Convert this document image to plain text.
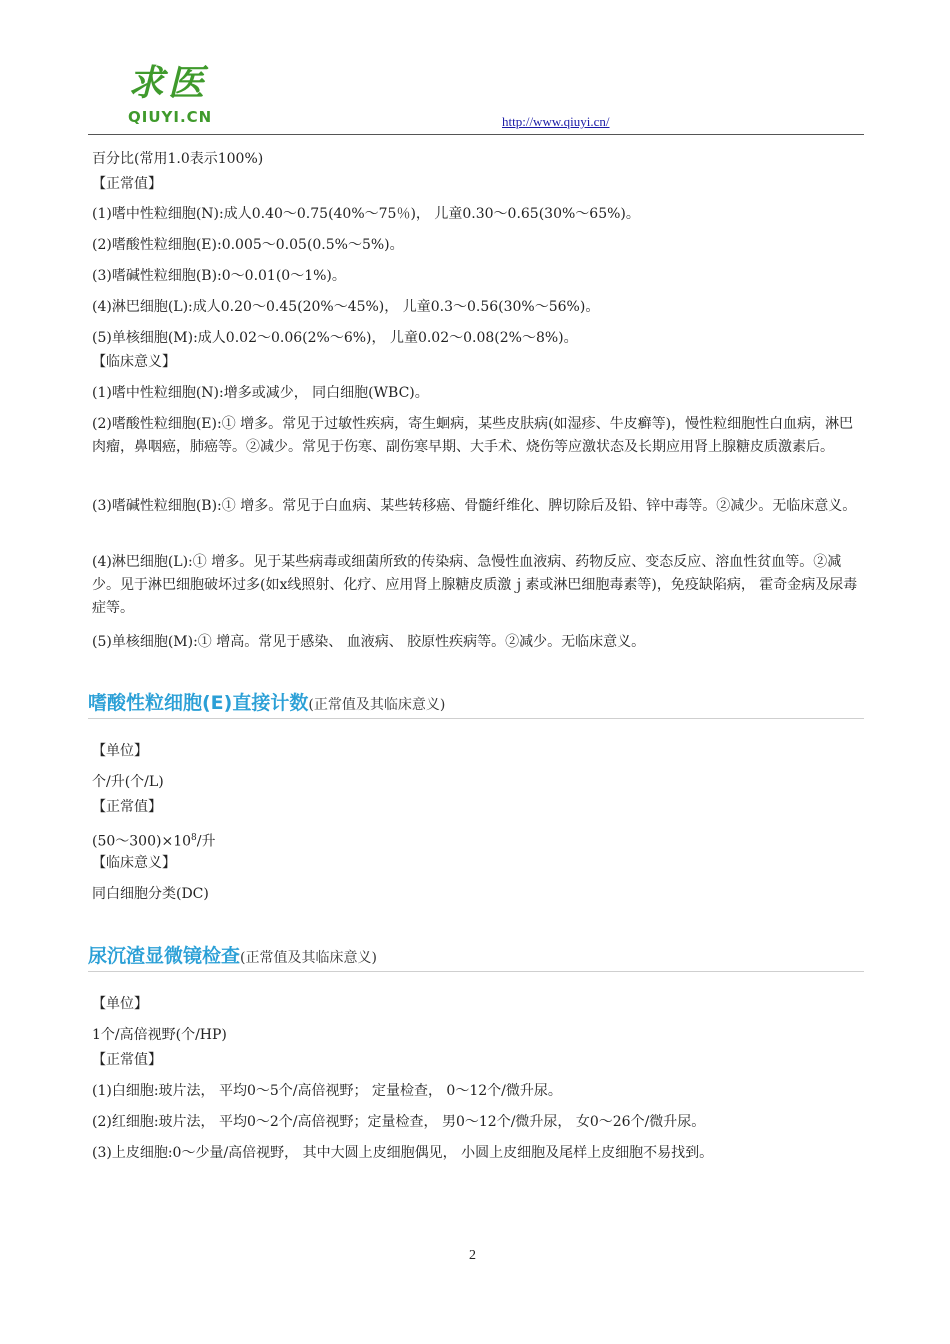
求医
QIUYI.CN	http://www.qiuyi.cn/
百分比(常用1.0表示100%)
【正常值】
(1)嗜中性粒细胞(N):成人0.40～0.75(40%～75％)， 儿童0.30～0.65(30%～65%)。
(2)嗜酸性粒细胞(E):0.005～0.05(0.5%～5%)。
(3)嗜碱性粒细胞(B):0～0.01(0～1%)。
(4)淋巴细胞(L):成人0.20～0.45(20%～45%)， 儿童0.3～0.56(30%～56%)。
(5)单核细胞(M):成人0.02～0.06(2%～6%)， 儿童0.02～0.08(2%～8%)。
【临床意义】
(1)嗜中性粒细胞(N):增多或减少， 同白细胞(WBC)。
(2)嗜酸性粒细胞(E):① 增多。常见于过敏性疾病，寄生蛔病，某些皮肤病(如湿疹、牛皮癣等)，慢性粒细胞性白血病，淋巴肉瘤，鼻咽癌，肺癌等。②减少。常见于伤寒、副伤寒早期、大手术、烧伤等应激状态及长期应用肾上腺糖皮质激素后。
(3)嗜碱性粒细胞(B):① 增多。常见于白血病、某些转移癌、骨髓纤维化、脾切除后及铅、锌中毒等。②减少。无临床意义。
(4)淋巴细胞(L):① 增多。见于某些病毒或细菌所致的传染病、急慢性血液病、药物反应、变态反应、溶血性贫血等。②减少。见于淋巴细胞破坏过多(如x线照射、化疗、应用肾上腺糖皮质激ｊ素或淋巴细胞毒素等)，免疫缺陷病， 霍奇金病及尿毒症等。
(5)单核细胞(M):① 增高。常见于感染、 血液病、 胶原性疾病等。②减少。无临床意义。
嗜酸性粒细胞(E)直接计数(正常值及其临床意义)
【单位】
个/升(个/L)
【正常值】
$(50\sim 300)\times 10^8/$升
【临床意义】
同白细胞分类(DC)
尿沉渣显微镜检查(正常值及其临床意义)
【单位】
1个/高倍视野(个/HP)
【正常值】
(1)白细胞:玻片法， 平均0～5个/高倍视野； 定量检查， 0～12个/微升尿。
(2)红细胞:玻片法， 平均0～2个/高倍视野；定量检查， 男0～12个/微升尿， 女0～26个/微升尿。
(3)上皮细胞:0～少量/高倍视野， 其中大圆上皮细胞偶见， 小圆上皮细胞及尾样上皮细胞不易找到。
2
